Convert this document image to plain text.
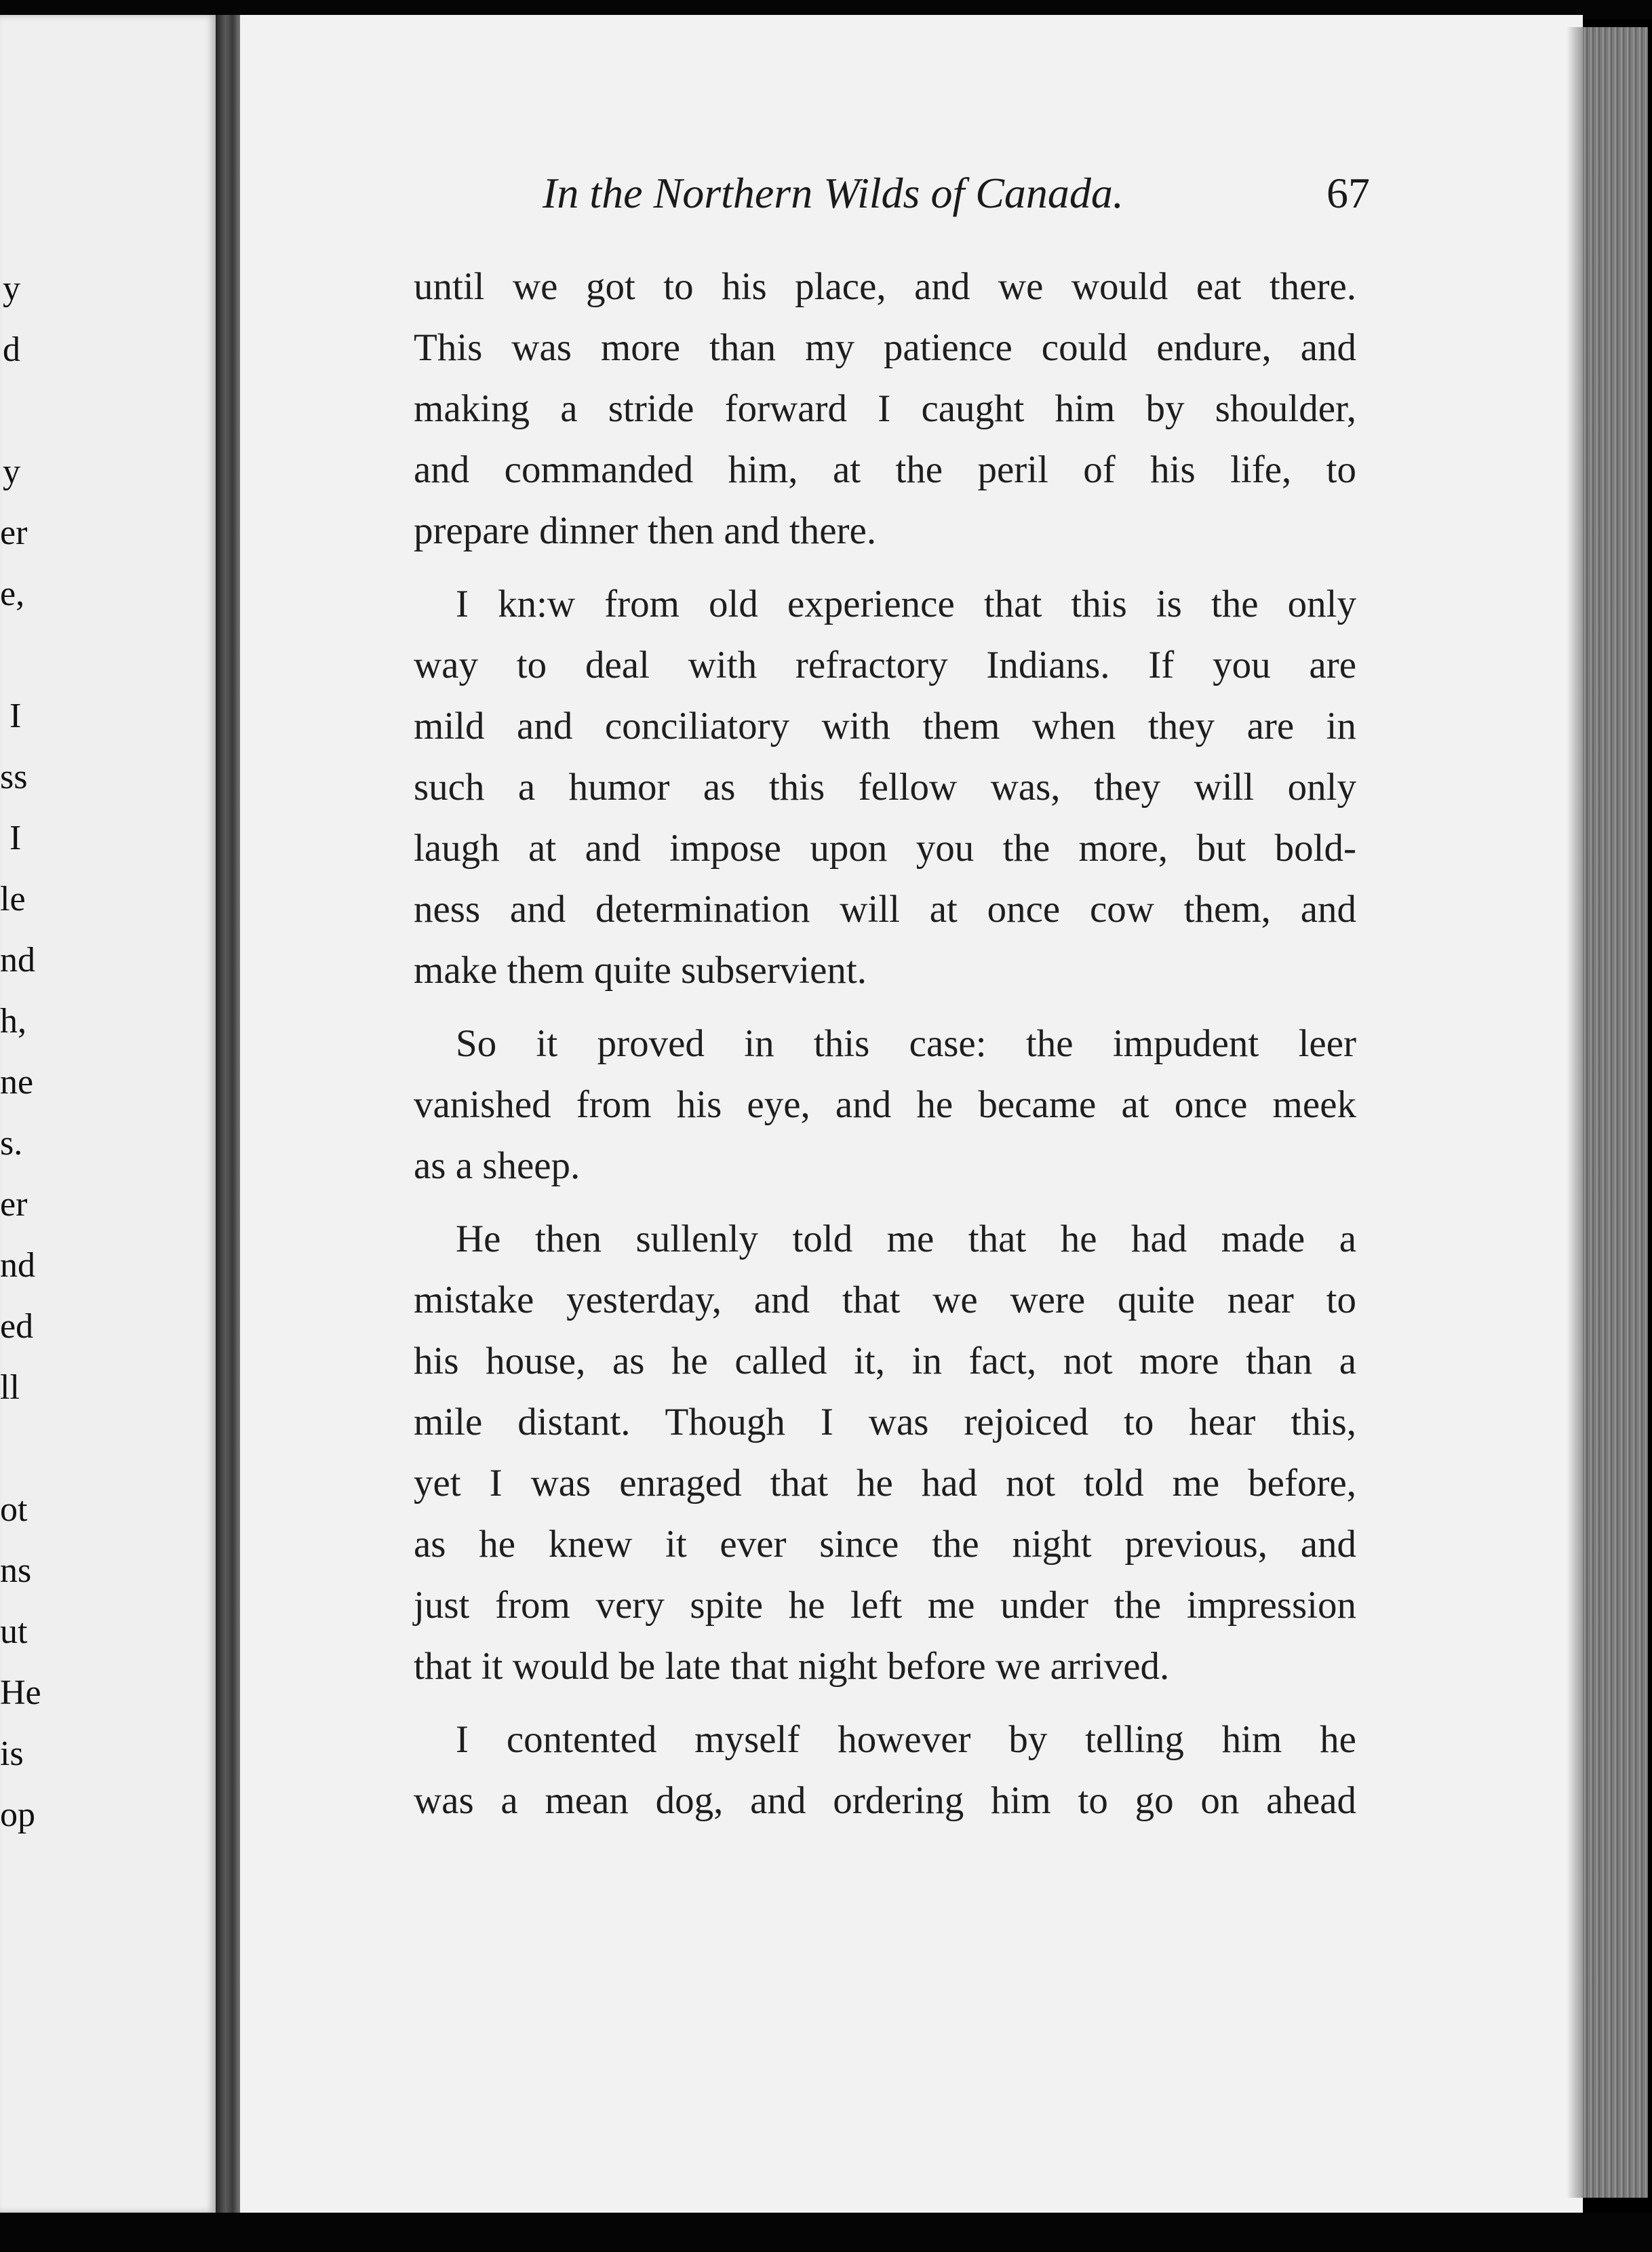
y
d
y
er
e,
I
ss
I
le
nd
h,
ne
s.
er
nd
ed
ll
ot
ns
ut
He
is
op
In the Northern Wilds of Canada.	67
until we got to his place, and we would eat there.
This was more than my patience could endure, and
making a stride forward I caught him by shoulder,
and commanded him, at the peril of his life, to
prepare dinner then and there.
I kn:w from old experience that this is the only
way to deal with refractory Indians. If you are
mild and conciliatory with them when they are in
such a humor as this fellow was, they will only
laugh at and impose upon you the more, but bold-
ness and determination will at once cow them, and
make them quite subservient.
So it proved in this case: the impudent leer
vanished from his eye, and he became at once meek
as a sheep.
He then sullenly told me that he had made a
mistake yesterday, and that we were quite near to
his house, as he called it, in fact, not more than a
mile distant. Though I was rejoiced to hear this,
yet I was enraged that he had not told me before,
as he knew it ever since the night previous, and
just from very spite he left me under the impression
that it would be late that night before we arrived.
I contented myself however by telling him he
was a mean dog, and ordering him to go on ahead
